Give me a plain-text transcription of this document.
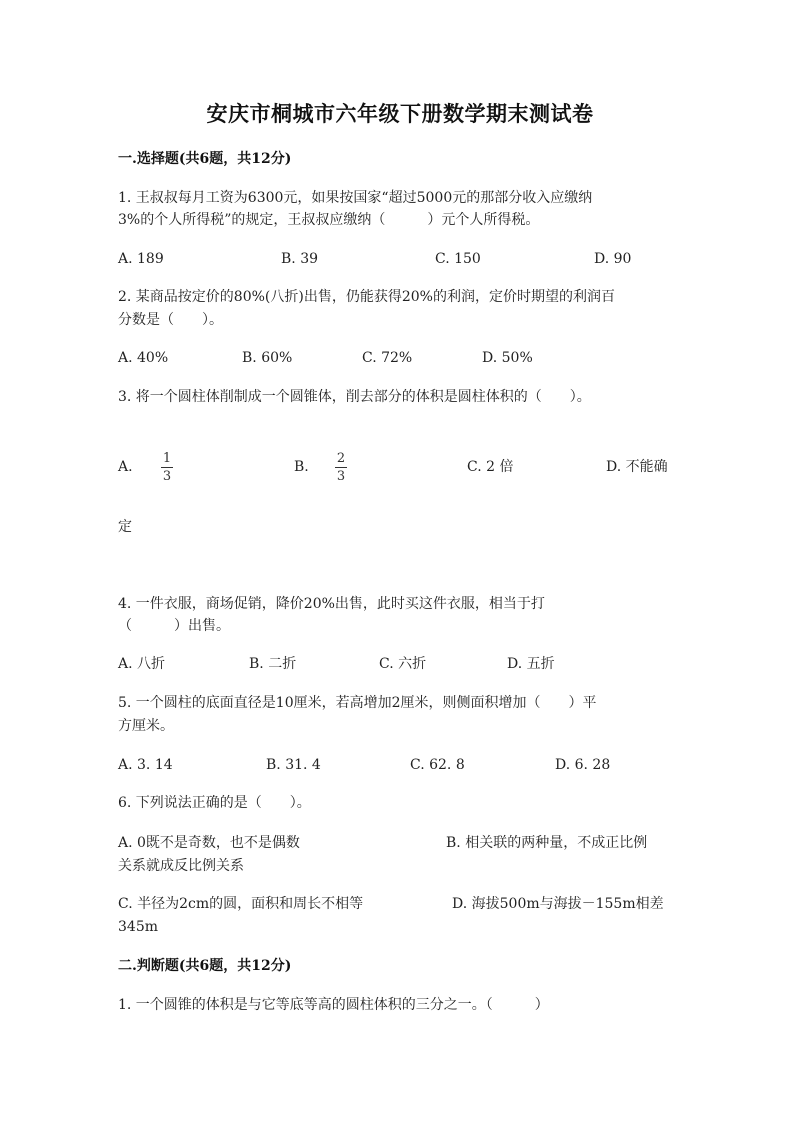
安庆市桐城市六年级下册数学期末测试卷
一.选择题(共6题，共12分)
1. 王叔叔每月工资为6300元，如果按国家“超过5000元的那部分收入应缴纳
3%的个人所得税”的规定，王叔叔应缴纳（　　　）元个人所得税。
A. 189	B. 39	C. 150	D. 90
2. 某商品按定价的80%(八折)出售，仍能获得20%的利润，定价时期望的利润百
分数是（　　）。
A. 40%	B. 60%	C. 72%	D. 50%
3. 将一个圆柱体削制成一个圆锥体，削去部分的体积是圆柱体积的（　　）。
A.
1
3
B.
2
3
C. 2 倍	D. 不能确
定
4. 一件衣服，商场促销，降价20%出售，此时买这件衣服，相当于打
（　　　）出售。
A. 八折	B. 二折	C. 六折	D. 五折
5. 一个圆柱的底面直径是10厘米，若高增加2厘米，则侧面积增加（　　）平
方厘米。
A. 3. 14	B. 31. 4	C. 62. 8	D. 6. 28
6. 下列说法正确的是（　　）。
A. 0既不是奇数，也不是偶数	B. 相关联的两种量，不成正比例
关系就成反比例关系
C. 半径为2cm的圆，面积和周长不相等	D. 海拔500m与海拔－155m相差
345m
二.判断题(共6题，共12分)
1. 一个圆锥的体积是与它等底等高的圆柱体积的三分之一。（　　　）
